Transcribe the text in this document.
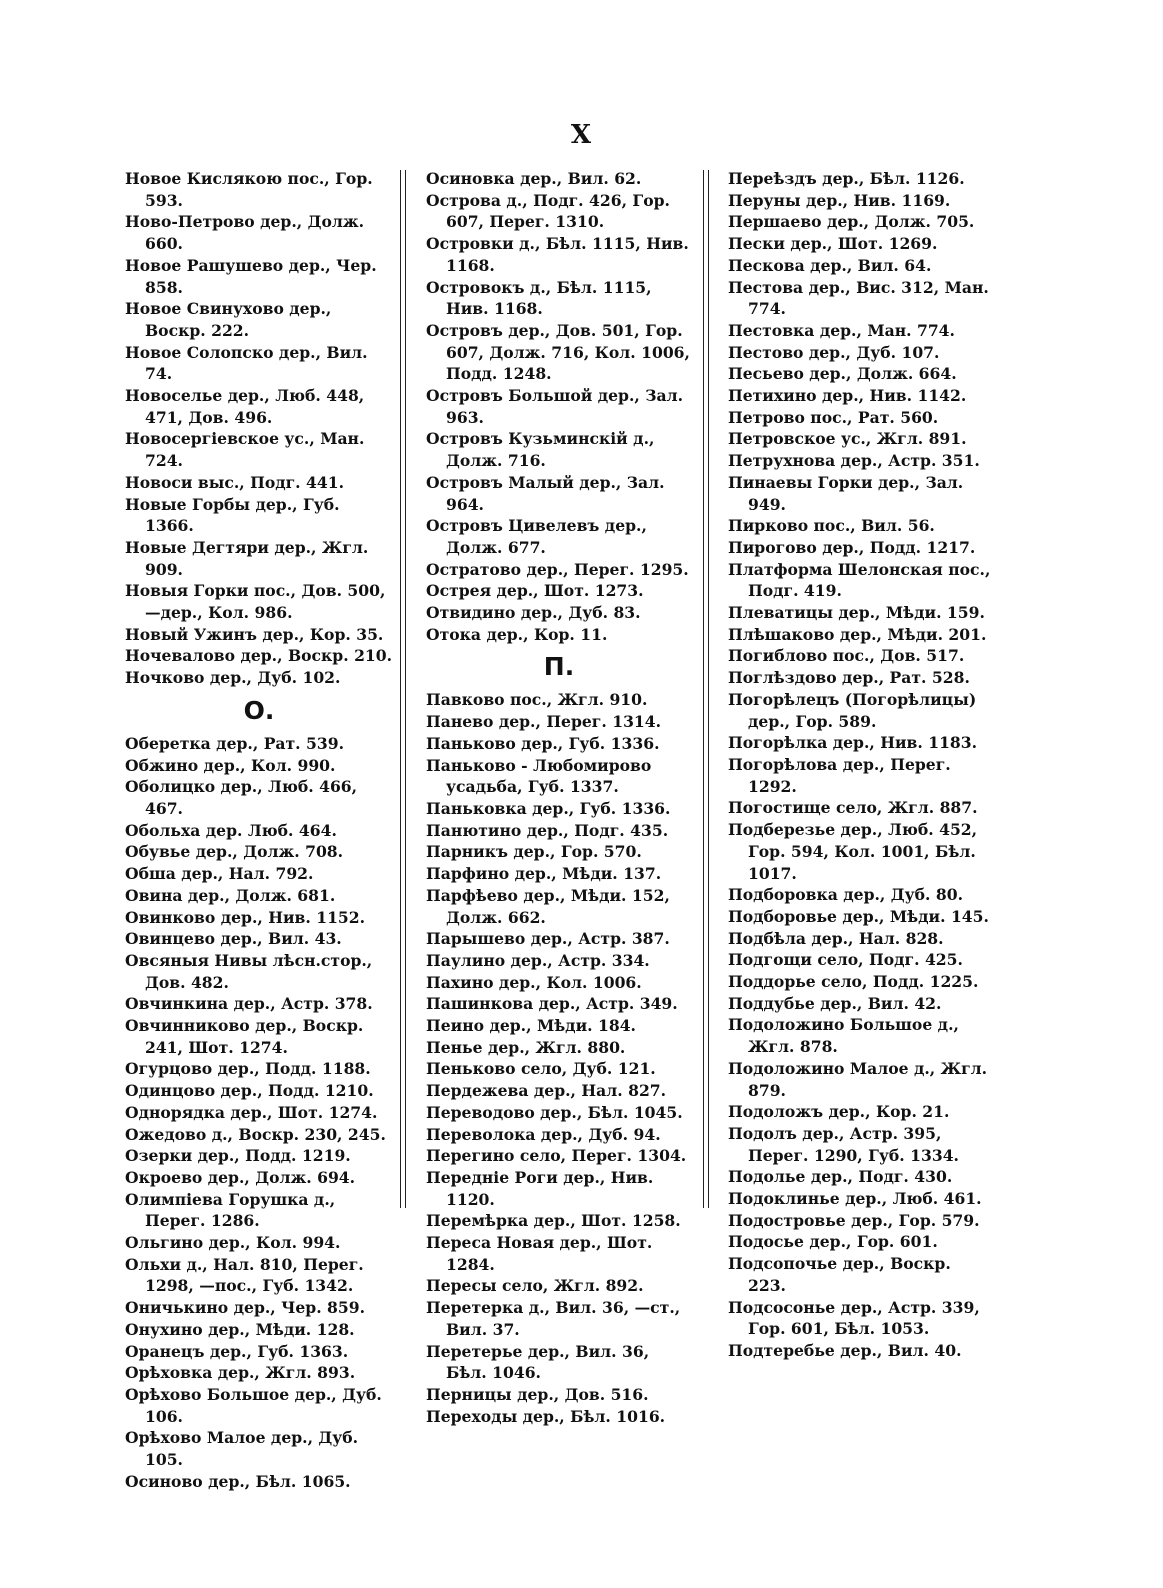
X

Новое Кислякою пос., Гор. 593.

Ново-Петрово дер., Долж. 660.

Новое Рашушево дер., Чер. 858.

Новое Свинухово дер., Воскр. 222.

Новое Солопско дер., Вил. 74.

Новоселье дер., Люб. 448, 471, Дов. 496.

Новосергіевское ус., Ман. 724.

Новоси выс., Подг. 441.

Новые Горбы дер., Губ. 1366.

Новые Дегтяри дер., Жгл. 909.

Новыя Горки пос., Дов. 500, —дер., Кол. 986.

Новый Ужинъ дер., Кор. 35.

Ночевалово дер., Воскр. 210.

Ночково дер., Дуб. 102.

О.

Оберетка дер., Рат. 539.

Обжино дер., Кол. 990.

Оболицко дер., Люб. 466, 467.

Обольха дер. Люб. 464.

Обувье дер., Долж. 708.

Обша дер., Нал. 792.

Овина дер., Долж. 681.

Овинково дер., Нив. 1152.

Овинцево дер., Вил. 43.

Овсяныя Нивы лѣсн.стор., Дов. 482.

Овчинкина дер., Астр. 378.

Овчинниково дер., Воскр. 241, Шот. 1274.

Огурцово дер., Подд. 1188.

Одинцово дер., Подд. 1210.

Однорядка дер., Шот. 1274.

Ожедово д., Воскр. 230, 245.

Озерки дер., Подд. 1219.

Окроево дер., Долж. 694.

Олимпіева Горушка д., Перег. 1286.

Ольгино дер., Кол. 994.

Ольхи д., Нал. 810, Перег. 1298, —пос., Губ. 1342.

Оничькино дер., Чер. 859.

Онухино дер., Мѣди. 128.

Оранецъ дер., Губ. 1363.

Орѣховка дер., Жгл. 893.

Орѣхово Большое дер., Дуб. 106.

Орѣхово Малое дер., Дуб. 105.

Осиново дер., Бѣл. 1065.

Осиновка дер., Вил. 62.

Острова д., Подг. 426, Гор. 607, Перег. 1310.

Островки д., Бѣл. 1115, Нив. 1168.

Островокъ д., Бѣл. 1115, Нив. 1168.

Островъ дер., Дов. 501, Гор. 607, Долж. 716, Кол. 1006, Подд. 1248.

Островъ Большой дер., Зал. 963.

Островъ Кузьминскій д., Долж. 716.

Островъ Малый дер., Зал. 964.

Островъ Цивелевъ дер., Долж. 677.

Остратово дер., Перег. 1295.

Острея дер., Шот. 1273.

Отвидино дер., Дуб. 83.

Отока дер., Кор. 11.

П.

Павково пос., Жгл. 910.

Панево дер., Перег. 1314.

Паньково дер., Губ. 1336.

Паньково - Любомирово усадьба, Губ. 1337.

Паньковка дер., Губ. 1336.

Панютино дер., Подг. 435.

Парникъ дер., Гор. 570.

Парфино дер., Мѣди. 137.

Парфѣево дер., Мѣди. 152, Долж. 662.

Парышево дер., Астр. 387.

Паулино дер., Астр. 334.

Пахино дер., Кол. 1006.

Пашинкова дер., Астр. 349.

Пеино дер., Мѣди. 184.

Пенье дер., Жгл. 880.

Пеньково село, Дуб. 121.

Пердежева дер., Нал. 827.

Переводово дер., Бѣл. 1045.

Переволока дер., Дуб. 94.

Перегино село, Перег. 1304.

Передніе Роги дер., Нив. 1120.

Перемѣрка дер., Шот. 1258.

Переса Новая дер., Шот. 1284.

Пересы село, Жгл. 892.

Перетерка д., Вил. 36, —ст., Вил. 37.

Перетерье дер., Вил. 36, Бѣл. 1046.

Перницы дер., Дов. 516.

Переходы дер., Бѣл. 1016.

Переѣздъ дер., Бѣл. 1126.

Перуны дер., Нив. 1169.

Першаево дер., Долж. 705.

Пески дер., Шот. 1269.

Пескова дер., Вил. 64.

Пестова дер., Вис. 312, Ман. 774.

Пестовка дер., Ман. 774.

Пестово дер., Дуб. 107.

Песьево дер., Долж. 664.

Петихино дер., Нив. 1142.

Петрово пос., Рат. 560.

Петровское ус., Жгл. 891.

Петрухнова дер., Астр. 351.

Пинаевы Горки дер., Зал. 949.

Пирково пос., Вил. 56.

Пирогово дер., Подд. 1217.

Платформа Шелонская пос., Подг. 419.

Плеватицы дер., Мѣди. 159.

Плѣшаково дер., Мѣди. 201.

Погиблово пос., Дов. 517.

Поглѣздово дер., Рат. 528.

Погорѣлецъ (Погорѣлицы) дер., Гор. 589.

Погорѣлка дер., Нив. 1183.

Погорѣлова дер., Перег. 1292.

Погостище село, Жгл. 887.

Подберезье дер., Люб. 452, Гор. 594, Кол. 1001, Бѣл. 1017.

Подборовка дер., Дуб. 80.

Подборовье дер., Мѣди. 145.

Подбѣла дер., Нал. 828.

Подгощи село, Подг. 425.

Поддорье село, Подд. 1225.

Поддубье дер., Вил. 42.

Подоложино Большое д., Жгл. 878.

Подоложино Малое д., Жгл. 879.

Подоложъ дер., Кор. 21.

Подолъ дер., Астр. 395, Перег. 1290, Губ. 1334.

Подолье дер., Подг. 430.

Подоклинье дер., Люб. 461.

Подостровье дер., Гор. 579.

Подосье дер., Гор. 601.

Подсопочье дер., Воскр. 223.

Подсосонье дер., Астр. 339, Гор. 601, Бѣл. 1053.

Подтеребье дер., Вил. 40.
